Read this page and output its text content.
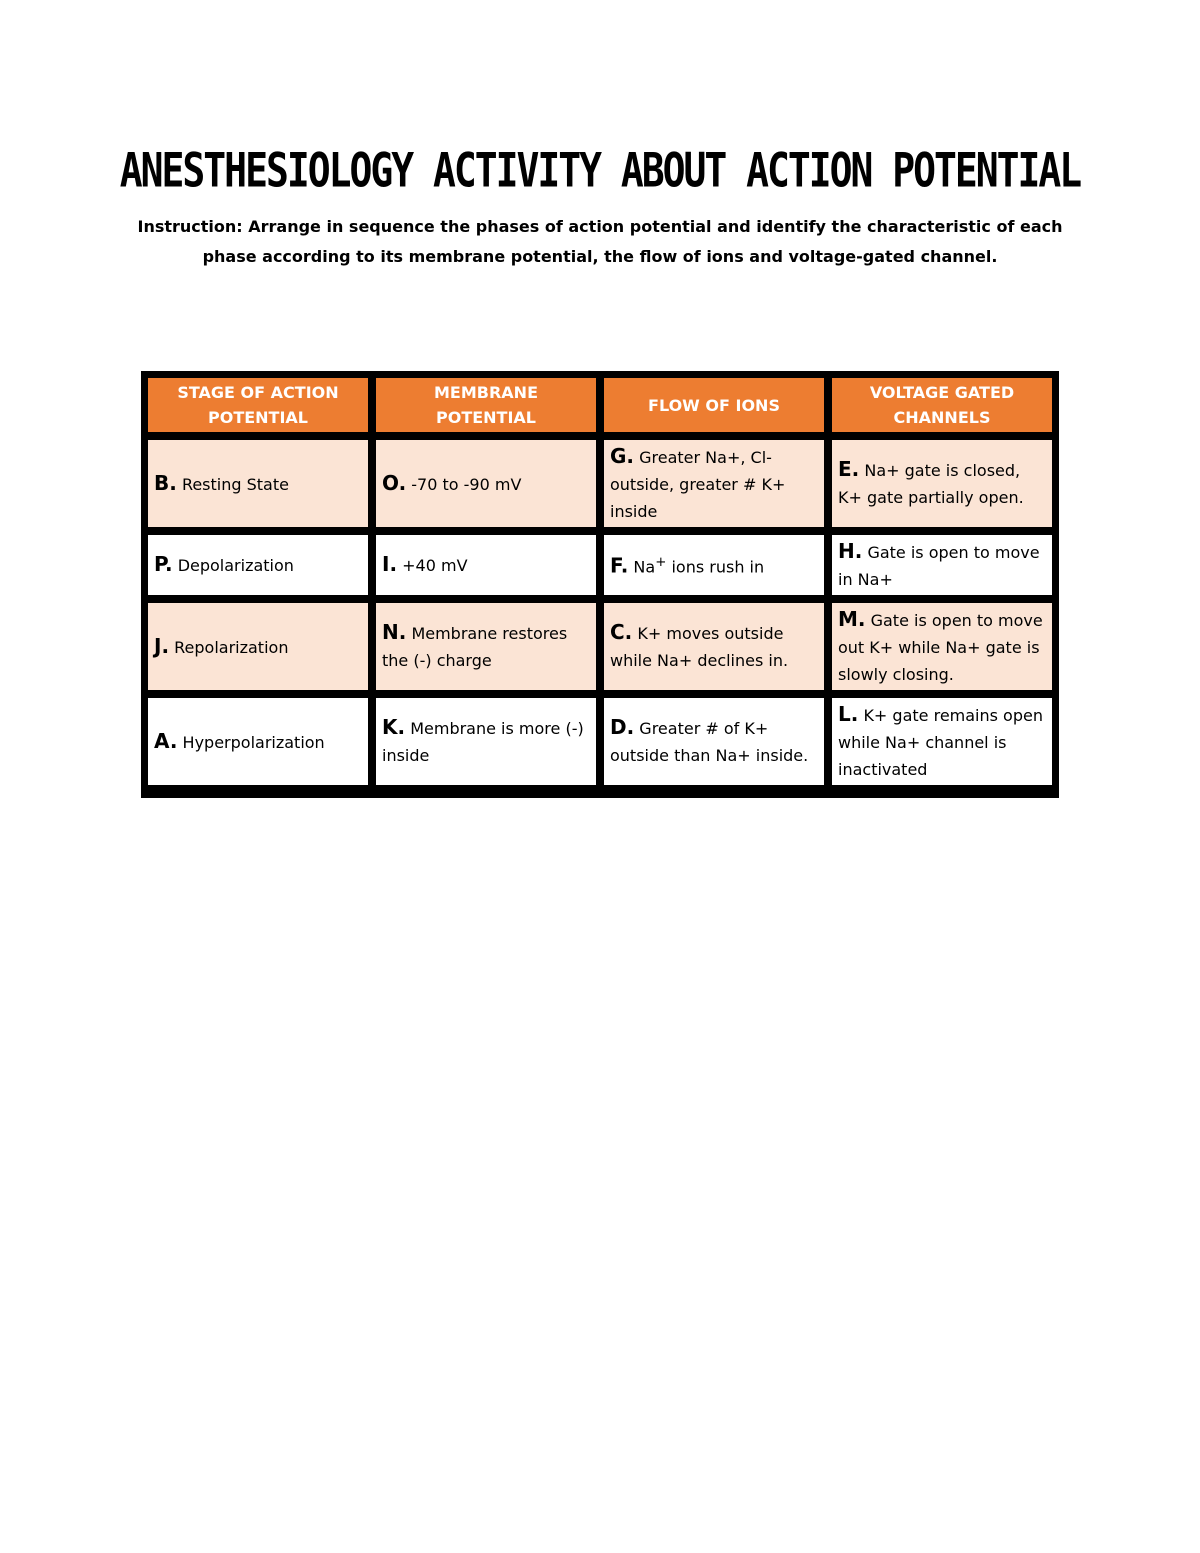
ANESTHESIOLOGY ACTIVITY ABOUT ACTION POTENTIAL

Instruction: Arrange in sequence the phases of action potential and identify the characteristic of each phase according to its membrane potential, the flow of ions and voltage-gated channel.

STAGE OF ACTION POTENTIAL	MEMBRANE POTENTIAL	FLOW OF IONS	VOLTAGE GATED CHANNELS
B. Resting State	O. -70 to -90 mV	G. Greater Na+, Cl- outside, greater # K+ inside	E. Na+ gate is closed, K+ gate partially open.
P. Depolarization	I. +40 mV	F. Na+ ions rush in	H. Gate is open to move in Na+
J. Repolarization	N. Membrane restores the (-) charge	C. K+ moves outside while Na+ declines in.	M. Gate is open to move out K+ while Na+ gate is slowly closing.
A. Hyperpolarization	K. Membrane is more (-) inside	D. Greater # of K+ outside than Na+ inside.	L. K+ gate remains open while Na+ channel is inactivated
